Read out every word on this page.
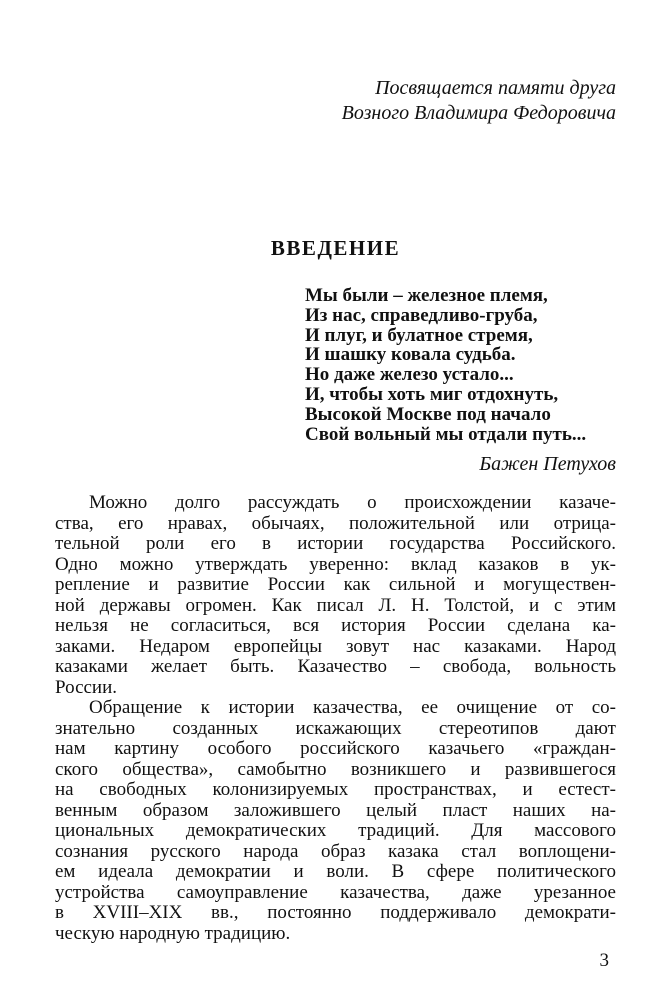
Посвящается памяти друга
Возного Владимира Федоровича
ВВЕДЕНИЕ
Мы были – железное племя,
Из нас, справедливо-груба,
И плуг, и булатное стремя,
И шашку ковала судьба.
Но даже железо устало...
И, чтобы хоть миг отдохнуть,
Высокой Москве под начало
Свой вольный мы отдали путь...
Бажен Петухов
Можно долго рассуждать о происхождении казаче-
ства, его нравах, обычаях, положительной или отрица-
тельной роли его в истории государства Российского.
Одно можно утверждать уверенно: вклад казаков в ук-
репление и развитие России как сильной и могуществен-
ной державы огромен. Как писал Л. Н. Толстой, и с этим
нельзя не согласиться, вся история России сделана ка-
заками. Недаром европейцы зовут нас казаками. Народ
казаками желает быть. Казачество – свобода, вольность
России.
Обращение к истории казачества, ее очищение от со-
знательно созданных искажающих стереотипов дают
нам картину особого российского казачьего «граждан-
ского общества», самобытно возникшего и развившегося
на свободных колонизируемых пространствах, и естест-
венным образом заложившего целый пласт наших на-
циональных демократических традиций. Для массового
сознания русского народа образ казака стал воплощени-
ем идеала демократии и воли. В сфере политического
устройства самоуправление казачества, даже урезанное
в XVIII–XIX вв., постоянно поддерживало демократи-
ческую народную традицию.
3
